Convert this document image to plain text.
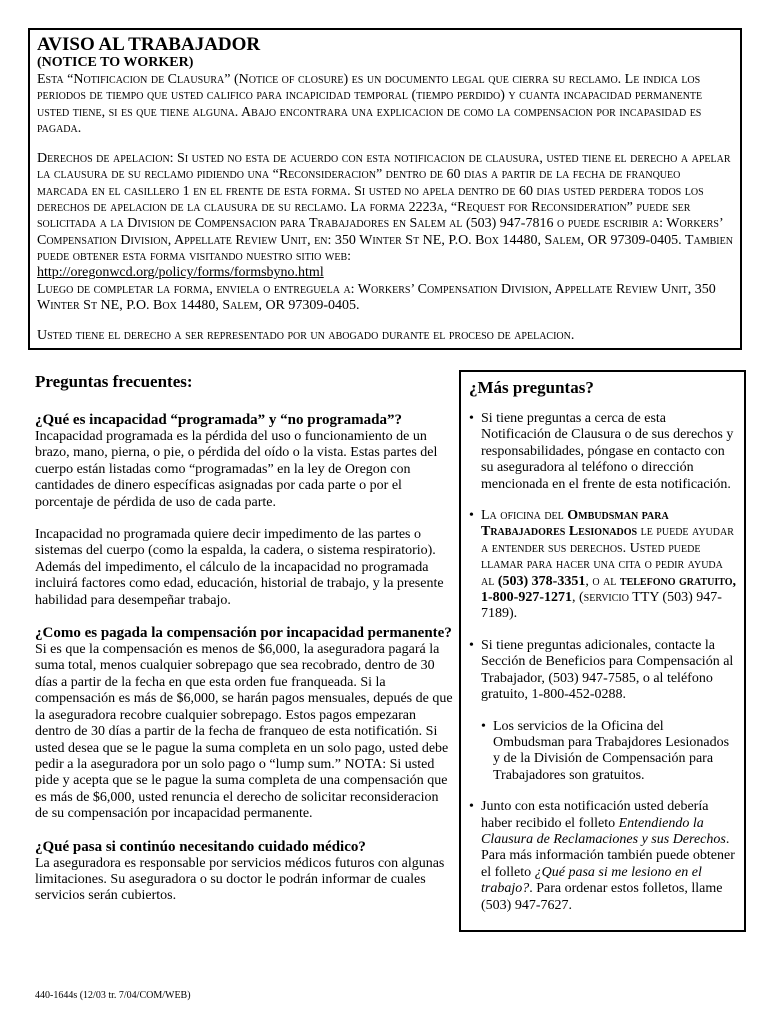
AVISO AL TRABAJADOR

(NOTICE TO WORKER)

Esta “Notificacion de Clausura” (Notice of closure) es un documento legal que cierra su reclamo. Le indica los periodos de tiempo que usted califico para incapicidad temporal (tiempo perdido) y cuanta incapacidad permanente usted tiene, si es que tiene alguna. Abajo encontrara una explicacion de como la compensacion por incapasidad es pagada.

Derechos de apelacion: Si usted no esta de acuerdo con esta notificacion de clausura, usted tiene el derecho a apelar la clausura de su reclamo pidiendo una “Reconsideracion” dentro de 60 dias a partir de la fecha de franqueo marcada en el casillero 1 en el frente de esta forma. Si usted no apela dentro de 60 dias usted perdera todos los derechos de apelacion de la clausura de su reclamo. La forma 2223a, “Request for Reconsideration” puede ser solicitada a la Division de Compensacion para Trabajadores en Salem al (503) 947-7816 o puede escribir a: Workers’ Compensation Division, Appellate Review Unit, en: 350 Winter St NE, P.O. Box 14480, Salem, OR 97309-0405. Tambien puede obtener esta forma visitando nuestro sitio web:
http://oregonwcd.org/policy/forms/formsbyno.html
Luego de completar la forma, enviela o entreguela a: Workers’ Compensation Division, Appellate Review Unit, 350 Winter St NE, P.O. Box 14480, Salem, OR 97309-0405.

Usted tiene el derecho a ser representado por un abogado durante el proceso de apelacion.

Preguntas frecuentes:

¿Qué es incapacidad “programada” y “no programada”?

Incapacidad programada es la pérdida del uso o funcionamiento de un brazo, mano, pierna, o pie, o pérdida del oído o la vista. Estas partes del cuerpo están listadas como “programadas” en la ley de Oregon con cantidades de dinero específicas asignadas por cada parte o por el porcentaje de pérdida de uso de cada parte.

Incapacidad no programada quiere decir impedimento de las partes o sistemas del cuerpo (como la espalda, la cadera, o sistema respiratorio). Además del impedimento, el cálculo de la incapacidad no programada incluirá factores como edad, educación, historial de trabajo, y la presente habilidad para desempeñar trabajo.

¿Como es pagada la compensación por incapacidad permanente?

Si es que la compensación es menos de $6,000, la aseguradora pagará la suma total, menos cualquier sobrepago que sea recobrado, dentro de 30 días a partir de la fecha en que esta orden fue franqueada. Si la compensación es más de $6,000, se harán pagos mensuales, depués de que la aseguradora recobre cualquier sobrepago. Estos pagos empezaran dentro de 30 días a partir de la fecha de franqueo de esta notificatión. Si usted desea que se le pague la suma completa en un solo pago, usted debe pedir a la aseguradora por un solo pago o “lump sum.” NOTA: Si usted pide y acepta que se le pague la suma completa de una compensación que es más de $6,000, usted renuncia el derecho de solicitar reconsideracion de su compensación por incapacidad permanente.

¿Qué pasa si continúo necesitando cuidado médico?

La aseguradora es responsable por servicios médicos futuros con algunas limitaciones. Su aseguradora o su doctor le podrán informar de cuales servicios serán cubiertos.

¿Más preguntas?

• Si tiene preguntas a cerca de esta Notificación de Clausura o de sus derechos y responsabilidades, póngase en contacto con su aseguradora al teléfono o dirección mencionada en el frente de esta notificación.

• La oficina del Ombudsman para Trabajadores Lesionados le puede ayudar a entender sus derechos. Usted puede llamar para hacer una cita o pedir ayuda al (503) 378-3351, o al telefono gratuito, 1-800-927-1271, (servicio TTY (503) 947-7189).

• Si tiene preguntas adicionales, contacte la Sección de Beneficios para Compensación al Trabajador, (503) 947-7585, o al teléfono gratuito, 1-800-452-0288.

• Los servicios de la Oficina del Ombudsman para Trabajdores Lesionados y de la División de Compensación para Trabajadores son gratuitos.

• Junto con esta notificación usted debería haber recibido el folleto Entendiendo la Clausura de Reclamaciones y sus Derechos. Para más información también puede obtener el folleto ¿Qué pasa si me lesiono en el trabajo?. Para ordenar estos folletos, llame (503) 947-7627.

440-1644s (12/03 tr. 7/04/COM/WEB)
